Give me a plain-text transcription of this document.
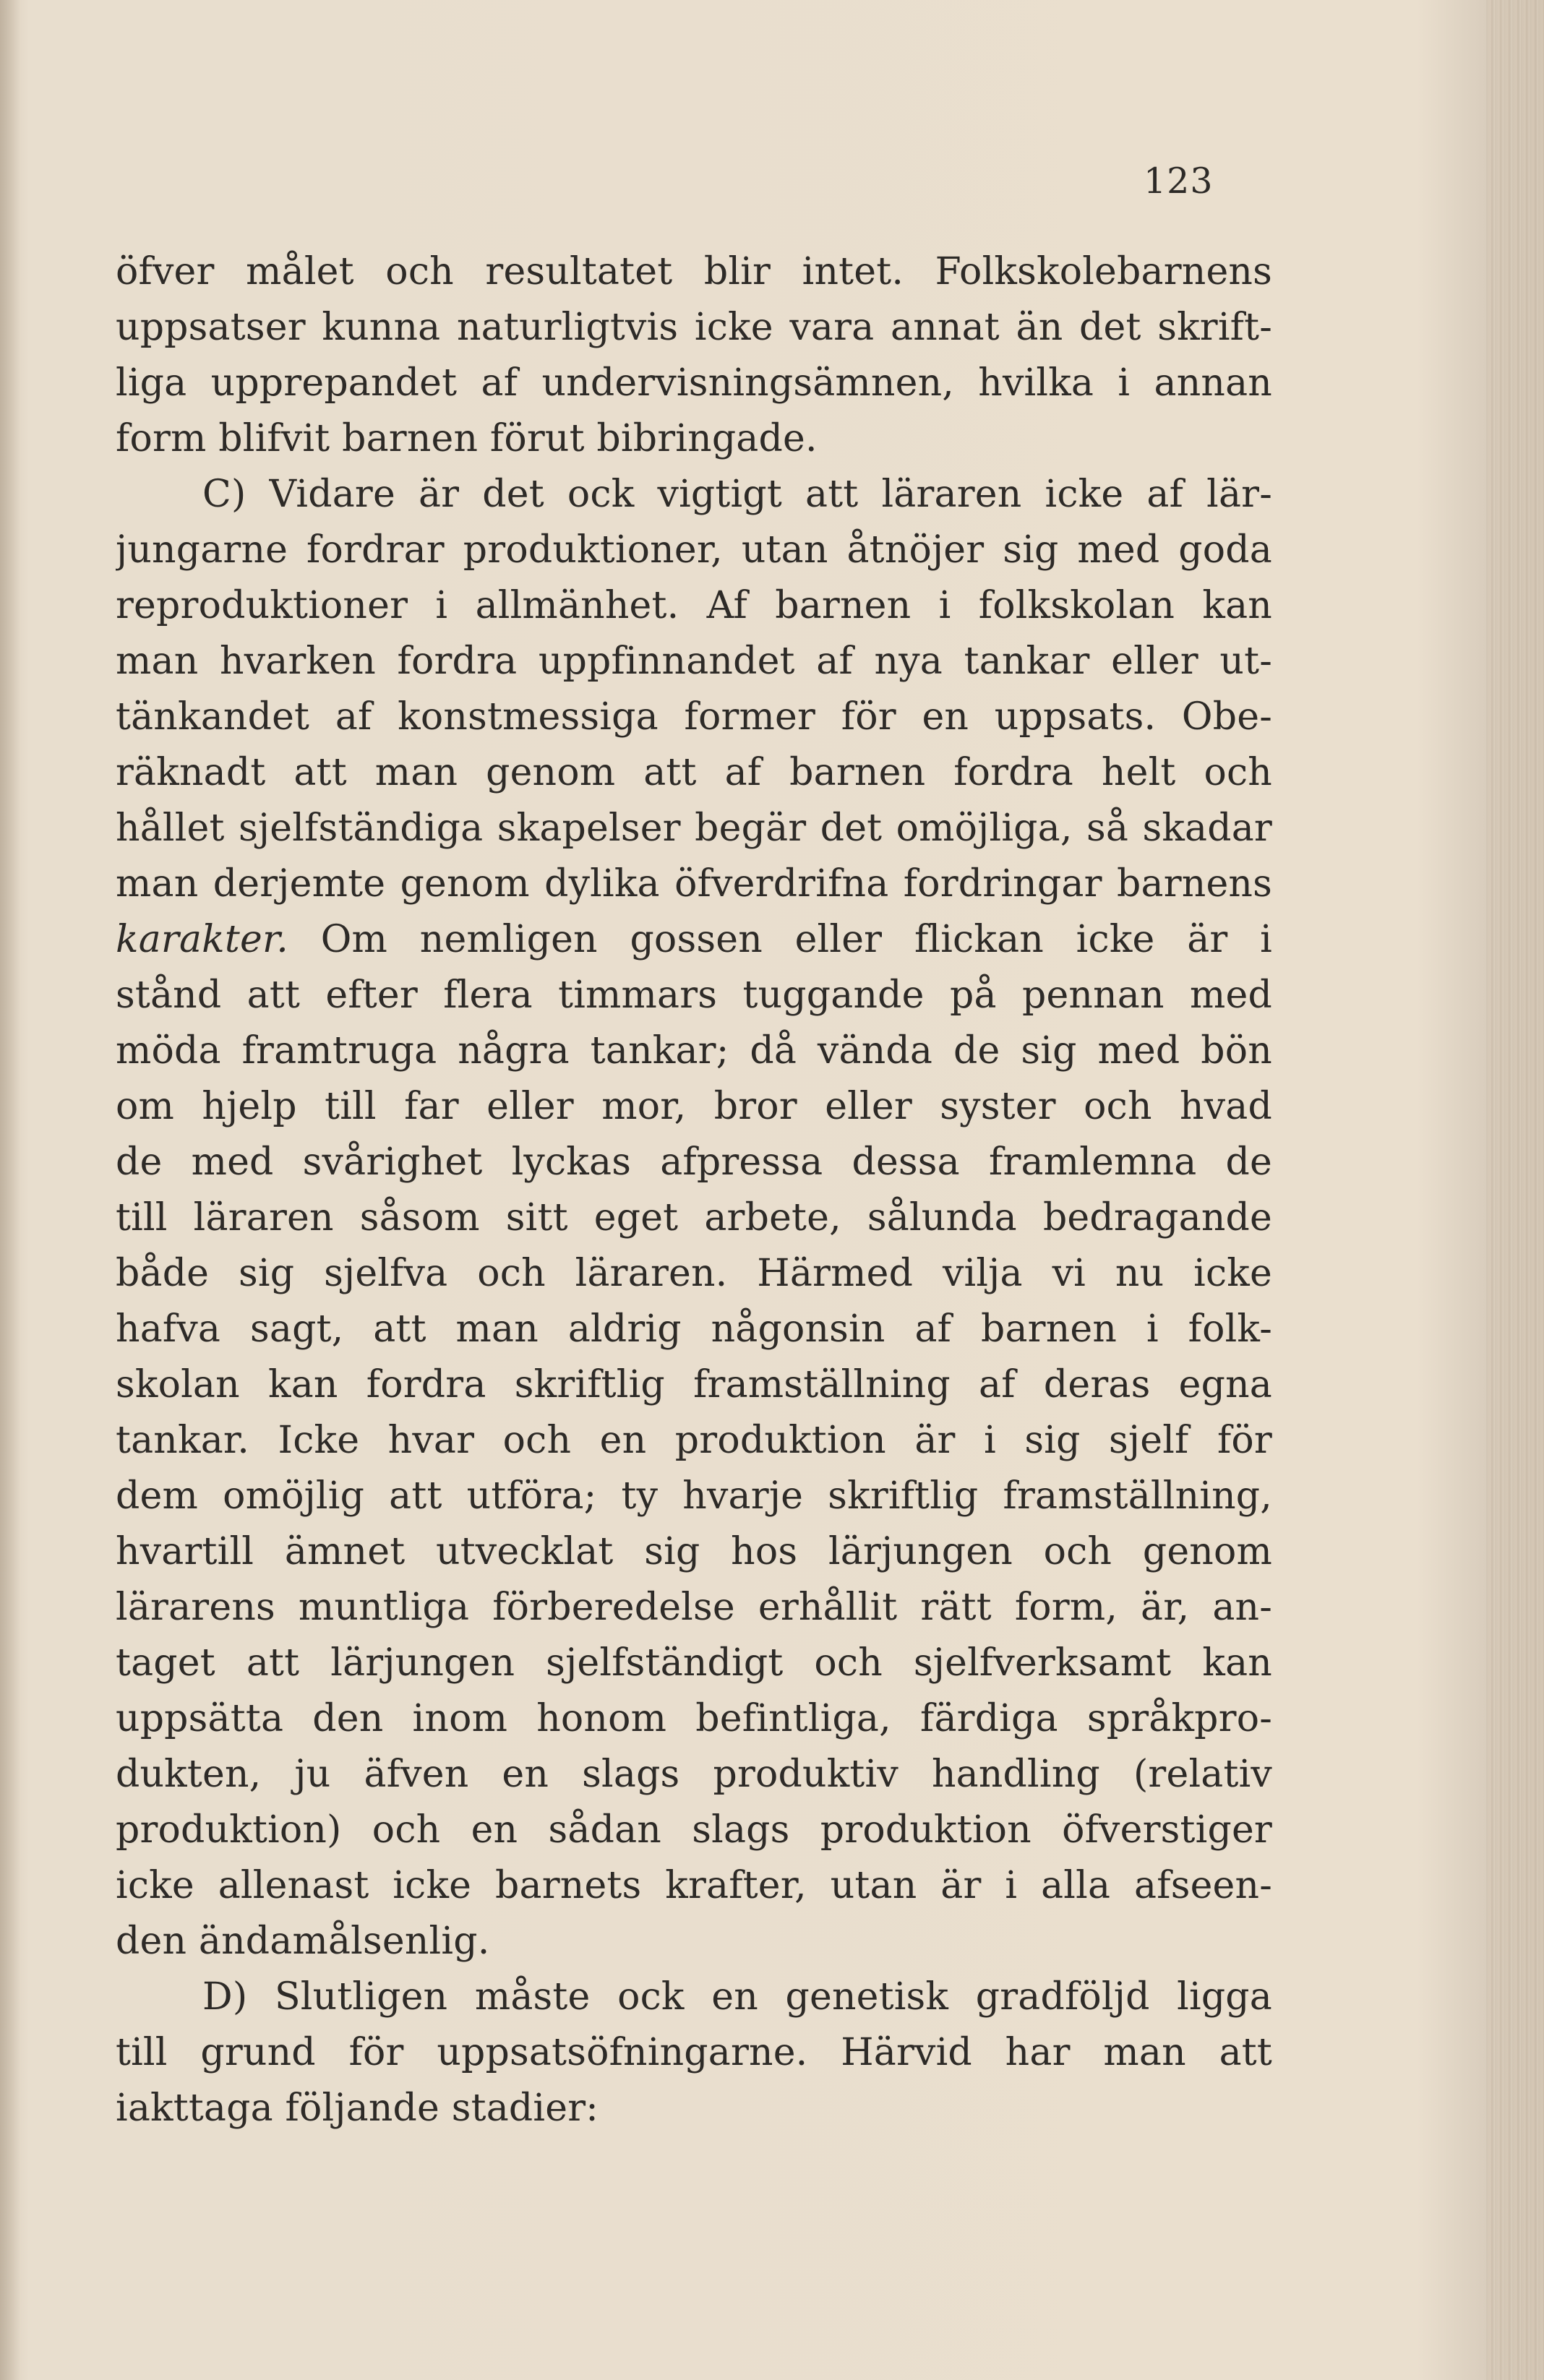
123
öfver målet och resultatet blir intet. Folkskolebarnens
uppsatser kunna naturligtvis icke vara annat än det skrift-
liga upprepandet af undervisningsämnen, hvilka i annan
form blifvit barnen förut bibringade.
C) Vidare är det ock vigtigt att läraren icke af lär-
jungarne fordrar produktioner, utan åtnöjer sig med goda
reproduktioner i allmänhet. Af barnen i folkskolan kan
man hvarken fordra uppfinnandet af nya tankar eller ut-
tänkandet af konstmessiga former för en uppsats. Obe-
räknadt att man genom att af barnen fordra helt och
hållet sjelfständiga skapelser begär det omöjliga, så skadar
man derjemte genom dylika öfverdrifna fordringar barnens
karakter. Om nemligen gossen eller flickan icke är i
stånd att efter flera timmars tuggande på pennan med
möda framtruga några tankar; då vända de sig med bön
om hjelp till far eller mor, bror eller syster och hvad
de med svårighet lyckas afpressa dessa framlemna de
till läraren såsom sitt eget arbete, sålunda bedragande
både sig sjelfva och läraren. Härmed vilja vi nu icke
hafva sagt, att man aldrig någonsin af barnen i folk-
skolan kan fordra skriftlig framställning af deras egna
tankar. Icke hvar och en produktion är i sig sjelf för
dem omöjlig att utföra; ty hvarje skriftlig framställning,
hvartill ämnet utvecklat sig hos lärjungen och genom
lärarens muntliga förberedelse erhållit rätt form, är, an-
taget att lärjungen sjelfständigt och sjelfverksamt kan
uppsätta den inom honom befintliga, färdiga språkpro-
dukten, ju äfven en slags produktiv handling (relativ
produktion) och en sådan slags produktion öfverstiger
icke allenast icke barnets krafter, utan är i alla afseen-
den ändamålsenlig.
D) Slutligen måste ock en genetisk gradföljd ligga
till grund för uppsatsöfningarne. Härvid har man att
iakttaga följande stadier:
